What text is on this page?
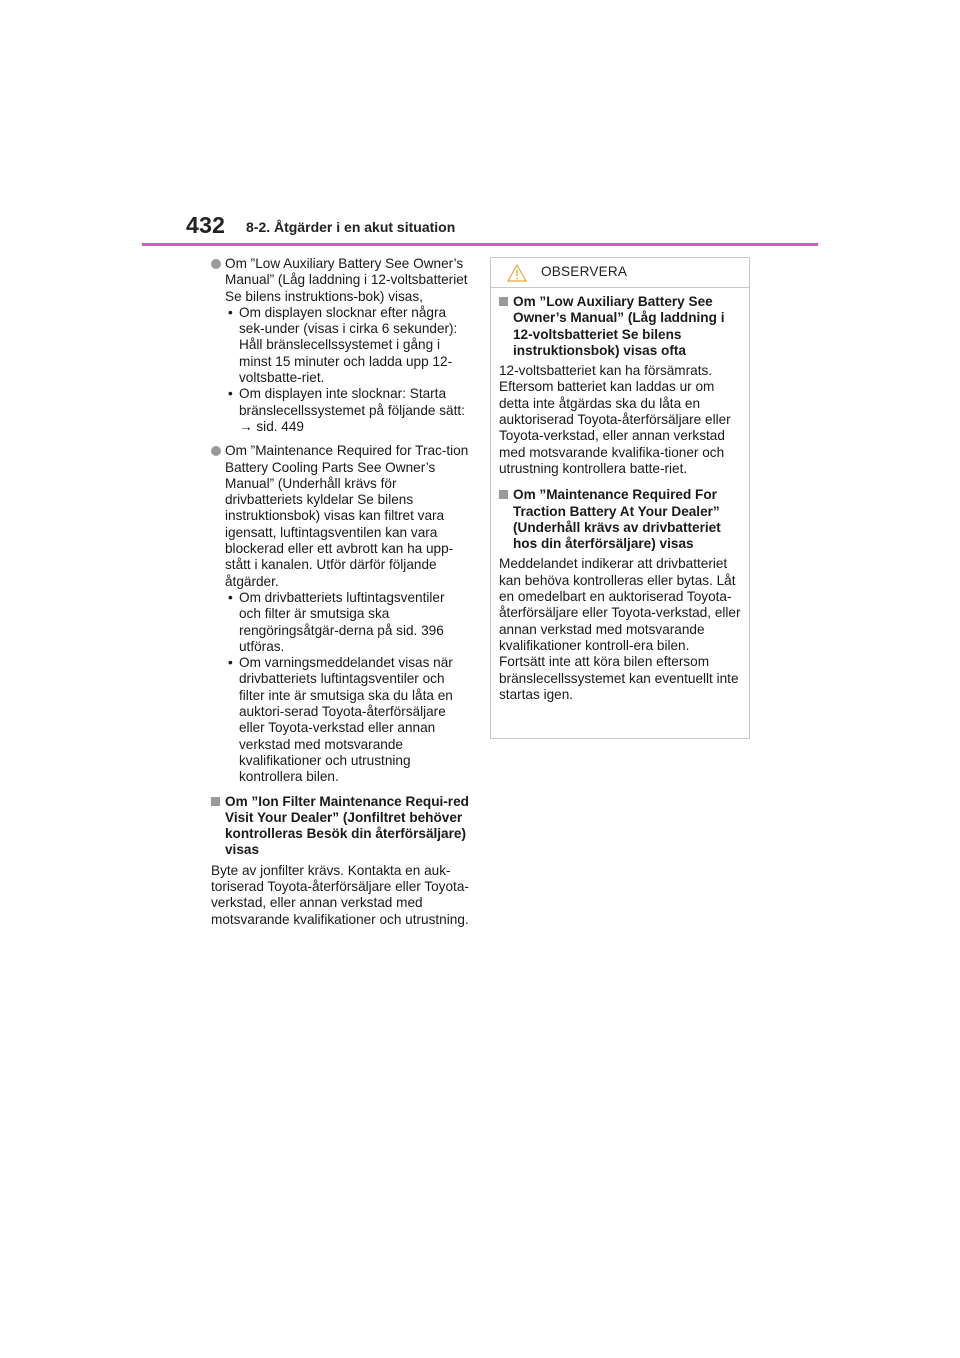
432 8-2. Åtgärder i en akut situation
Om ”Low Auxiliary Battery See Owner’s Manual” (Låg laddning i 12-voltsbatteriet Se bilens instruktions-bok) visas,
• Om displayen slocknar efter några sek-under (visas i cirka 6 sekunder): Håll bränslecellssystemet i gång i minst 15 minuter och ladda upp 12-voltsbatte-riet.
• Om displayen inte slocknar: Starta bränslecellssystemet på följande sätt: → sid. 449
Om ”Maintenance Required for Trac-tion Battery Cooling Parts See Owner’s Manual” (Underhåll krävs för drivbatteriets kyldelar Se bilens instruktionsbok) visas kan filtret vara igensatt, luftintagsventilen kan vara blockerad eller ett avbrott kan ha upp-stått i kanalen. Utför därför följande åtgärder.
• Om drivbatteriets luftintagsventiler och filter är smutsiga ska rengöringsåtgär-derna på sid. 396 utföras.
• Om varningsmeddelandet visas när drivbatteriets luftintagsventiler och filter inte är smutsiga ska du låta en auktori-serad Toyota-återförsäljare eller Toyota-verkstad eller annan verkstad med motsvarande kvalifikationer och utrustning kontrollera bilen.
Om ”Ion Filter Maintenance Requi-red Visit Your Dealer” (Jonfiltret behöver kontrolleras Besök din återförsäljare) visas
Byte av jonfilter krävs. Kontakta en auk-toriserad Toyota-återförsäljare eller Toyota-verkstad, eller annan verkstad med motsvarande kvalifikationer och utrustning.
OBSERVERA
Om ”Low Auxiliary Battery See Owner’s Manual” (Låg laddning i 12-voltsbatteriet Se bilens instruktionsbok) visas ofta

12-voltsbatteriet kan ha försämrats. Eftersom batteriet kan laddas ur om detta inte åtgärdas ska du låta en auktoriserad Toyota-återförsäljare eller Toyota-verkstad, eller annan verkstad med motsvarande kvalifika-tioner och utrustning kontrollera batte-riet.

Om ”Maintenance Required For Traction Battery At Your Dealer” (Underhåll krävs av drivbatteriet hos din återförsäljare) visas

Meddelandet indikerar att drivbatteriet kan behöva kontrolleras eller bytas. Låt en omedelbart en auktoriserad Toyota-återförsäljare eller Toyota-verkstad, eller annan verkstad med motsvarande kvalifikationer kontroll-era bilen.

Fortsätt inte att köra bilen eftersom bränslecellssystemet kan eventuellt inte startas igen.
